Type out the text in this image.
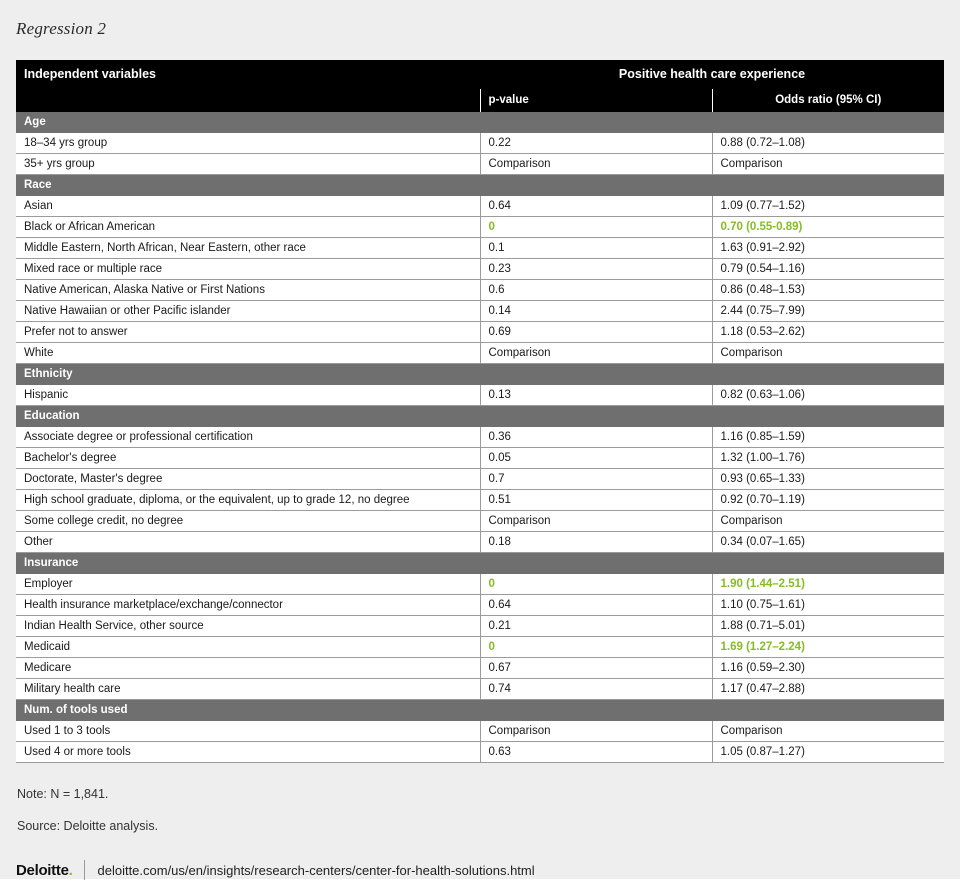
Regression 2
Independent variables	Positive health care experience	
	p-value	Odds ratio (95% CI)
Age		
18–34 yrs group	0.22	0.88 (0.72–1.08)
35+ yrs group	Comparison	Comparison
Race		
Asian	0.64	1.09 (0.77–1.52)
Black or African American	0	0.70 (0.55-0.89)
Middle Eastern, North African, Near Eastern, other race	0.1	1.63 (0.91–2.92)
Mixed race or multiple race	0.23	0.79 (0.54–1.16)
Native American, Alaska Native or First Nations	0.6	0.86 (0.48–1.53)
Native Hawaiian or other Pacific islander	0.14	2.44 (0.75–7.99)
Prefer not to answer	0.69	1.18 (0.53–2.62)
White	Comparison	Comparison
Ethnicity		
Hispanic	0.13	0.82 (0.63–1.06)
Education		
Associate degree or professional certification	0.36	1.16 (0.85–1.59)
Bachelor's degree	0.05	1.32 (1.00–1.76)
Doctorate, Master's degree	0.7	0.93 (0.65–1.33)
High school graduate, diploma, or the equivalent, up to grade 12, no degree	0.51	0.92 (0.70–1.19)
Some college credit, no degree	Comparison	Comparison
Other	0.18	0.34 (0.07–1.65)
Insurance		
Employer	0	1.90 (1.44–2.51)
Health insurance marketplace/exchange/connector	0.64	1.10 (0.75–1.61)
Indian Health Service, other source	0.21	1.88 (0.71–5.01)
Medicaid	0	1.69 (1.27–2.24)
Medicare	0.67	1.16 (0.59–2.30)
Military health care	0.74	1.17 (0.47–2.88)
Num. of tools used		
Used 1 to 3 tools	Comparison	Comparison
Used 4 or more tools	0.63	1.05 (0.87–1.27)
Note: N = 1,841.
Source: Deloitte analysis.
Deloitte.	deloitte.com/us/en/insights/research-centers/center-for-health-solutions.html
